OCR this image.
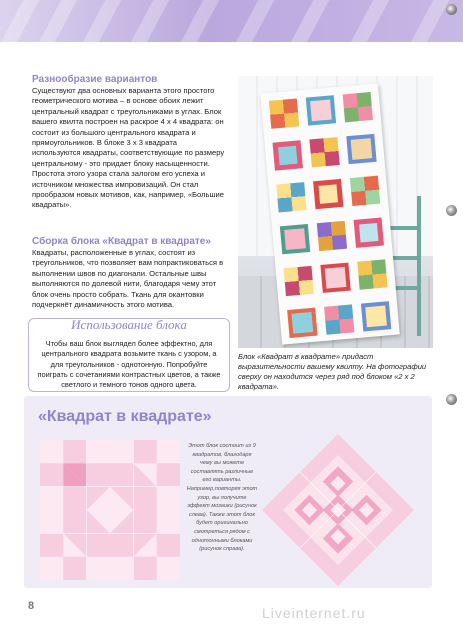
Разнообразие вариантов
Существуют два основных варианта этого простого геометрического мотива – в основе обоих лежит центральный квадрат с треугольниками в углах. Блок вашего квилта построен на раскрое 4 х 4 квадрата: он состоит из большого центрального квадрата и прямоугольников. В блоке 3 х 3 квадрата используются квадраты, соответствующие по размеру центральному - это придает блоку насыщенности. Простота этого узора стала залогом его успеха и источником множества импровизаций. Он стал прообразом новых мотивов, как, например, «Большие квадраты».
Сборка блока «Квадрат в квадрате»
Квадраты, расположенные в углах, состоят из треугольников, что позволяет вам попрактиковаться в выполнении швов по диагонали. Остальные швы выполняются по долевой нити, благодаря чему этот блок очень просто собрать. Ткань для окантовки подчеркнёт динамичность этого мотива.
Блок «Квадрат в квадрате» придаст выразительности вашему квилту. На фотографии сверху он находится через ряд под блоком «2 х 2 квадрата».
Использование блока
Чтобы ваш блок выглядел более эффектно, для центрального квадрата возьмите ткань с узором, а для треугольников - однотонную. Попробуйте поиграть с сочетаниями контрастных цветов, а также светлого и темного тонов одного цвета.
«Квадрат в квадрате»
Этот блок состоит из 9 квадратов, благодаря чему вы можете составлять различные его варианты. Например,повторяя этот узор, вы получите эффект мозаики (рисунок слева). Также этот блок будет оригинально смотреться рядом с однотонными блоками (рисунок справа).
8	Liveinternet.ru
